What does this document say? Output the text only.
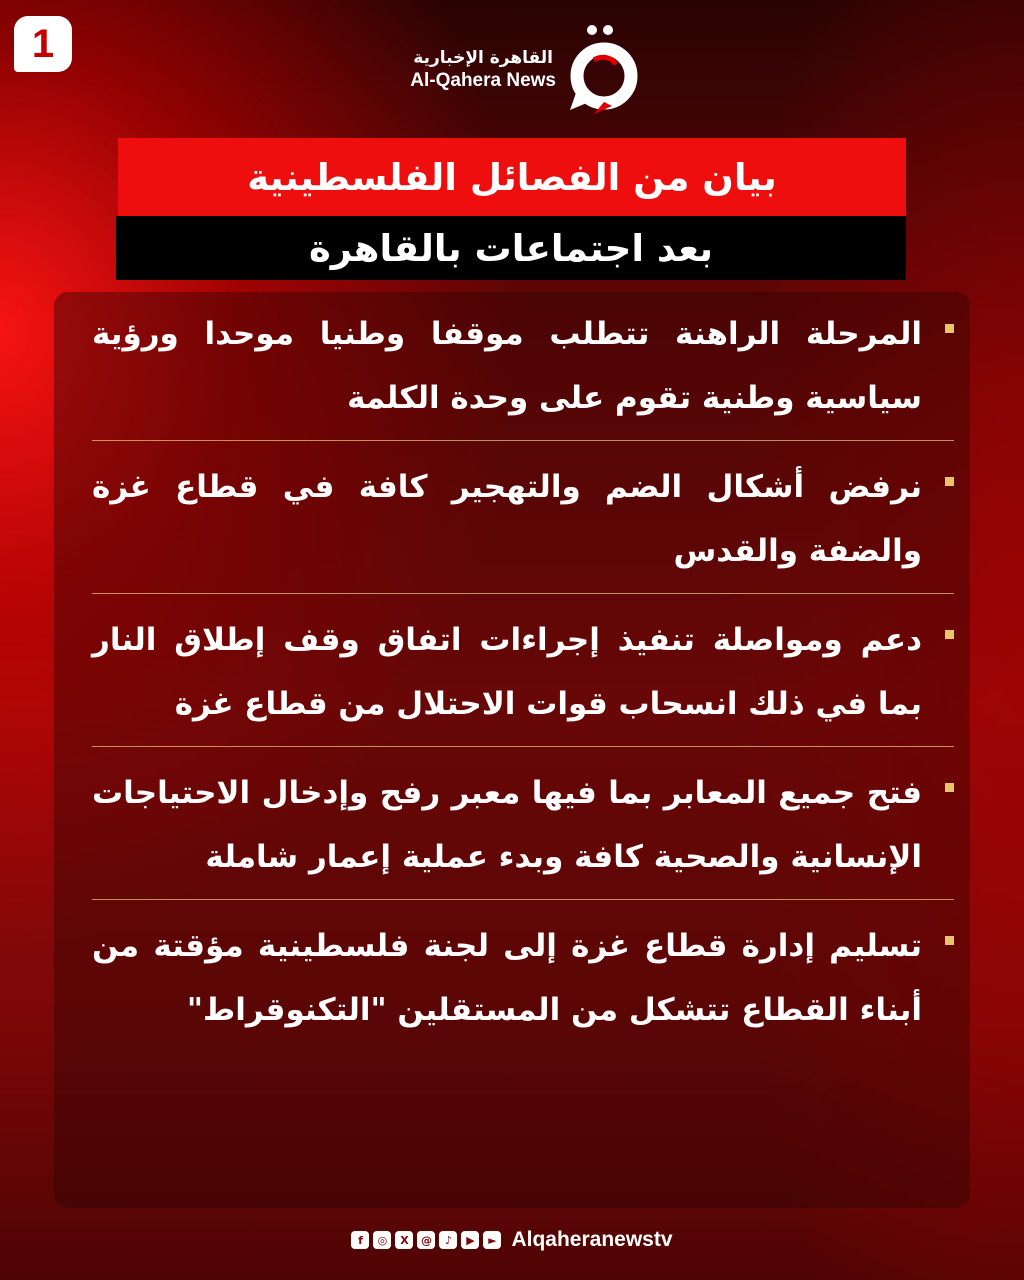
1	القاهرة الإخبارية
Al-Qahera News
بيان من الفصائل الفلسطينية
بعد اجتماعات بالقاهرة

المرحلة الراهنة تتطلب موقفا وطنيا موحدا ورؤية سياسية وطنية تقوم على وحدة الكلمة

نرفض أشكال الضم والتهجير كافة في قطاع غزة والضفة والقدس

دعم ومواصلة تنفيذ إجراءات اتفاق وقف إطلاق النار بما في ذلك انسحاب قوات الاحتلال من قطاع غزة

فتح جميع المعابر بما فيها معبر رفح وإدخال الاحتياجات الإنسانية والصحية كافة وبدء عملية إعمار شاملة

تسليم إدارة قطاع غزة إلى لجنة فلسطينية مؤقتة من أبناء القطاع تتشكل من المستقلين "التكنوقراط"

f	◎	X	@	♪	▶	► Alqaheranewstv
